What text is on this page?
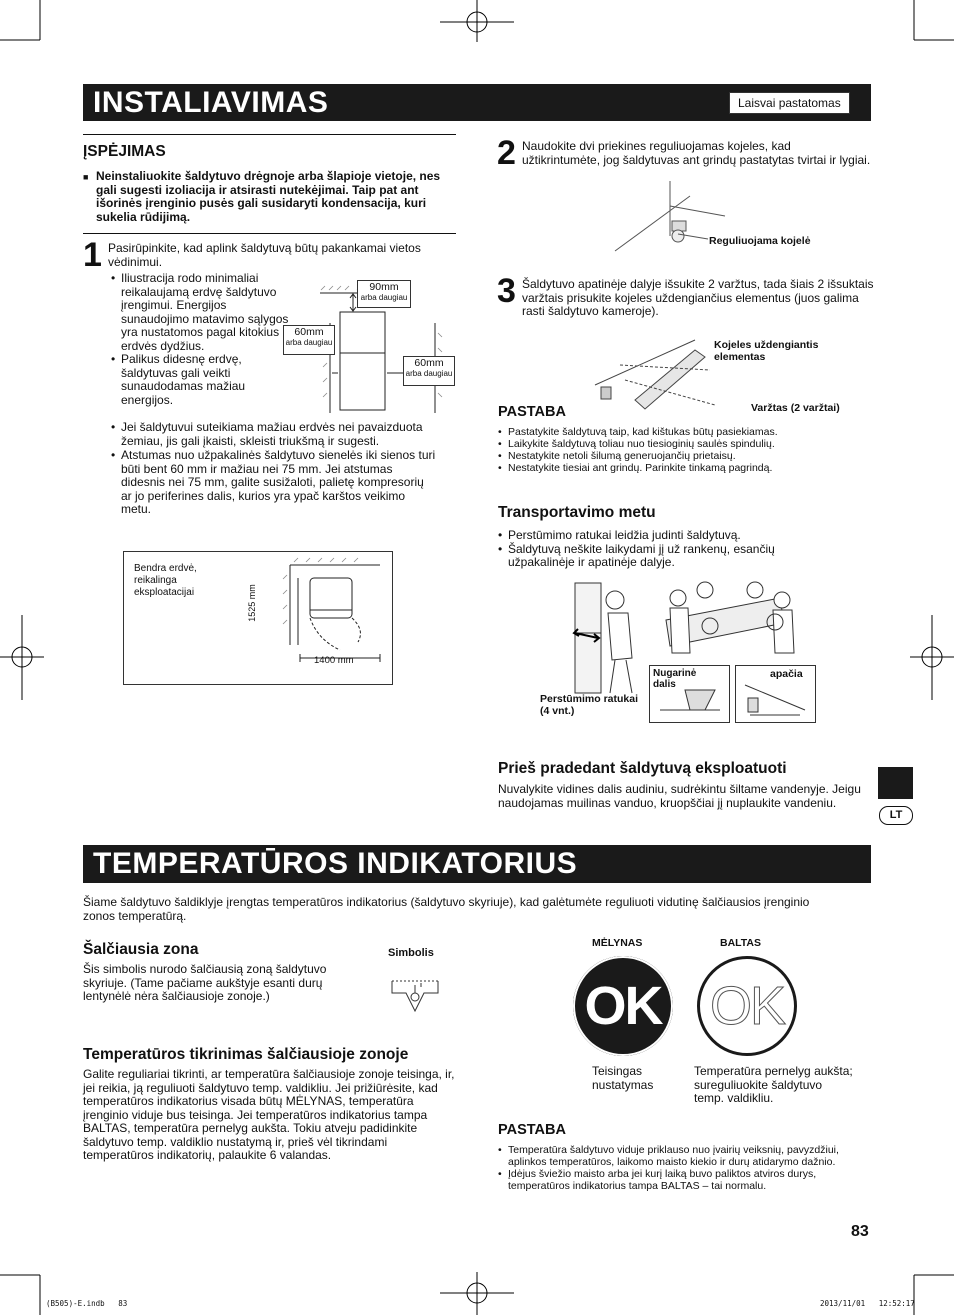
INSTALIAVIMAS	Laisvai pastatomas
ĮSPĖJIMAS
■ Neinstaliuokite šaldytuvo drėgnoje arba šlapioje vietoje, nes gali sugesti izoliacija ir atsirasti nutekėjimai. Taip pat ant išorinės įrenginio pusės gali susidaryti kondensacija, kuri sukelia rūdijimą.
1 Pasirūpinkite, kad aplink šaldytuvą būtų pakankamai vietos vėdinimui.
• Iliustracija rodo minimaliai reikalaujamą erdvę šaldytuvo įrengimui. Energijos sunaudojimo matavimo sąlygos yra nustatomos pagal kitokius erdvės dydžius.
• Palikus didesnę erdvę, šaldytuvas gali veikti sunaudodamas mažiau energijos.
• Jei šaldytuvui suteikiama mažiau erdvės nei pavaizduota žemiau, jis gali įkaisti, skleisti triukšmą ir sugesti.
• Atstumas nuo užpakalinės šaldytuvo sienelės iki sienos turi būti bent 60 mm ir mažiau nei 75 mm. Jei atstumas didesnis nei 75 mm, galite susižaloti, palietę kompresorių ar jo periferines dalis, kurios yra ypač karštos veikimo metu.
90mm
arba daugiau
60mm
arba daugiau
60mm
arba daugiau
Bendra erdvė, reikalinga eksploatacijai	1525 mm
1400 mm
2 Naudokite dvi priekines reguliuojamas kojeles, kad užtikrintumėte, jog šaldytuvas ant grindų pastatytas tvirtai ir lygiai.
Reguliuojama kojelė
3 Šaldytuvo apatinėje dalyje išsukite 2 varžtus, tada šiais 2 išsuktais varžtais prisukite kojeles uždengiančius elementus (juos galima rasti šaldytuvo kameroje).
Kojeles uždengiantis elementas
Varžtas (2 varžtai)
PASTABA
• Pastatykite šaldytuvą taip, kad kištukas būtų pasiekiamas.
• Laikykite šaldytuvą toliau nuo tiesioginių saulės spindulių.
• Nestatykite netoli šilumą generuojančių prietaisų.
• Nestatykite tiesiai ant grindų. Parinkite tinkamą pagrindą.
Transportavimo metu
• Perstūmimo ratukai leidžia judinti šaldytuvą.
• Šaldytuvą neškite laikydami jį už rankenų, esančių užpakalinėje ir apatinėje dalyje.
Nugarinė dalis
apačia
Perstūmimo ratukai (4 vnt.)
Prieš pradedant šaldytuvą eksploatuoti
Nuvalykite vidines dalis audiniu, sudrėkintu šiltame vandenyje. Jeigu naudojamas muilinas vanduo, kruopščiai jį nuplaukite vandeniu.
LT
TEMPERATŪROS INDIKATORIUS
Šiame šaldytuvo šaldiklyje įrengtas temperatūros indikatorius (šaldytuvo skyriuje), kad galėtumėte reguliuoti vidutinę šalčiausios įrenginio zonos temperatūrą.
Šalčiausia zona
Šis simbolis nurodo šalčiausią zoną šaldytuvo skyriuje. (Tame pačiame aukštyje esanti durų lentynėlė nėra šalčiausioje zonoje.)
Simbolis
Temperatūros tikrinimas šalčiausioje zonoje
Galite reguliariai tikrinti, ar temperatūra šalčiausioje zonoje teisinga, ir, jei reikia, ją reguliuoti šaldytuvo temp. valdikliu. Jei prižiūrėsite, kad temperatūros indikatorius visada būtų MĖLYNAS, temperatūra įrenginio viduje bus teisinga. Jei temperatūros indikatorius tampa BALTAS, temperatūra pernelyg aukšta. Tokiu atveju padidinkite šaldytuvo temp. valdiklio nustatymą ir, prieš vėl tikrindami temperatūros indikatorių, palaukite 6 valandas.
MĖLYNAS	BALTAS
OK OK
Teisingas nustatymas
Temperatūra pernelyg aukšta; sureguliuokite šaldytuvo temp. valdikliu.
PASTABA
• Temperatūra šaldytuvo viduje priklauso nuo įvairių veiksnių, pavyzdžiui, aplinkos temperatūros, laikomo maisto kiekio ir durų atidarymo dažnio.
• Įdėjus šviežio maisto arba jei kurį laiką buvo paliktos atviros durys, temperatūros indikatorius tampa BALTAS – tai normalu.
83
(B505)-E.indb   83	2013/11/01   12:52:17
